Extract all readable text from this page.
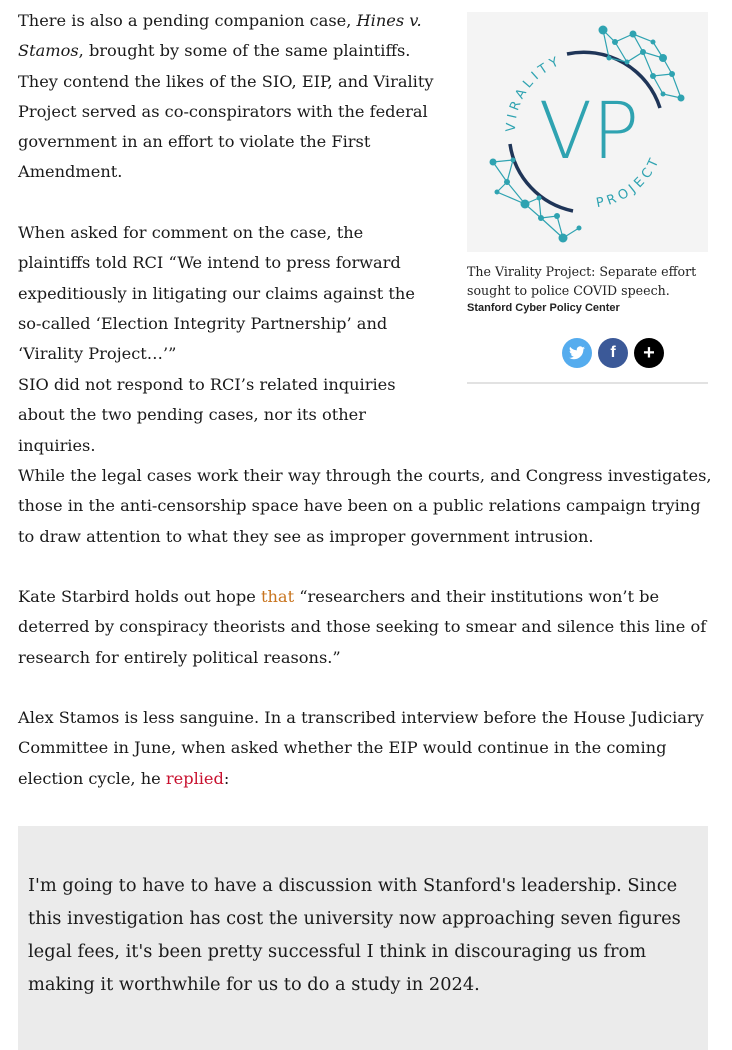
There is also a pending companion case, Hines v. Stamos, brought by some of the same plaintiffs. They contend the likes of the SIO, EIP, and Virality Project served as co-conspirators with the federal government in an effort to violate the First Amendment.

When asked for comment on the case, the plaintiffs told RCI “We intend to press forward expeditiously in litigating our claims against the so-called ‘Election Integrity Partnership’ and ‘Virality Project…’”

SIO did not respond to RCI’s related inquiries about the two pending cases, nor its other inquiries.

VIRALITY
PROJECT
VP
The Virality Project: Separate effort sought to police COVID speech.
Stanford Cyber Policy Center
f +

While the legal cases work their way through the courts, and Congress investigates, those in the anti-censorship space have been on a public relations campaign trying to draw attention to what they see as improper government intrusion.

Kate Starbird holds out hope that “researchers and their institutions won’t be deterred by conspiracy theorists and those seeking to smear and silence this line of research for entirely political reasons.”

Alex Stamos is less sanguine. In a transcribed interview before the House Judiciary Committee in June, when asked whether the EIP would continue in the coming election cycle, he replied:

I'm going to have to have a discussion with Stanford's leadership. Since this investigation has cost the university now approaching seven figures legal fees, it's been pretty successful I think in discouraging us from making it worthwhile for us to do a study in 2024.
